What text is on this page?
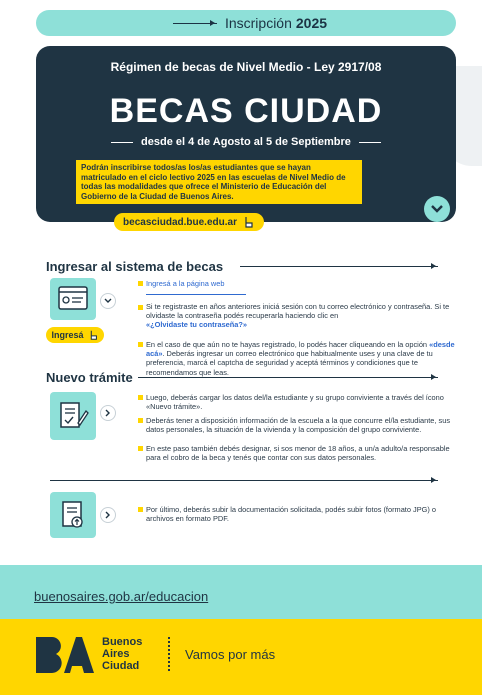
Inscripción 2025
Régimen de becas de Nivel Medio - Ley 2917/08
BECAS CIUDAD
desde el 4 de Agosto al 5 de Septiembre
Podrán inscribirse todos/as los/as estudiantes que se hayan matriculado en el ciclo lectivo 2025 en las escuelas de Nivel Medio de todas las modalidades que ofrece el Ministerio de Educación del Gobierno de la Ciudad de Buenos Aires.
becasciudad.bue.edu.ar
Ingresar al sistema de becas
Ingresá a la página web
Ingresá
Si te registraste en años anteriores iniciá sesión con tu correo electrónico y contraseña. Si te olvidaste la contraseña podés recuperarla haciendo clic en
«¿Olvidaste tu contraseña?»
En el caso de que aún no te hayas registrado, lo podés hacer cliqueando en la opción «desde acá». Deberás ingresar un correo electrónico que habitualmente uses y una clave de tu preferencia, marcá el captcha de seguridad y aceptá términos y condiciones que te recomendamos que leas.
Nuevo trámite
Luego, deberás cargar los datos del/la estudiante y su grupo conviviente a través del ícono «Nuevo trámite».
Deberás tener a disposición información de la escuela a la que concurre el/la estudiante, sus datos personales, la situación de la vivienda y la composición del grupo conviviente.
En este paso también debés designar, si sos menor de 18 años, a un/a adulto/a responsable para el cobro de la beca y tenés que contar con sus datos personales.
Por último, deberás subir la documentación solicitada, podés subir fotos (formato JPG) o archivos en formato PDF.
buenosaires.gob.ar/educacion
Buenos
Aires
Ciudad
Vamos por más
